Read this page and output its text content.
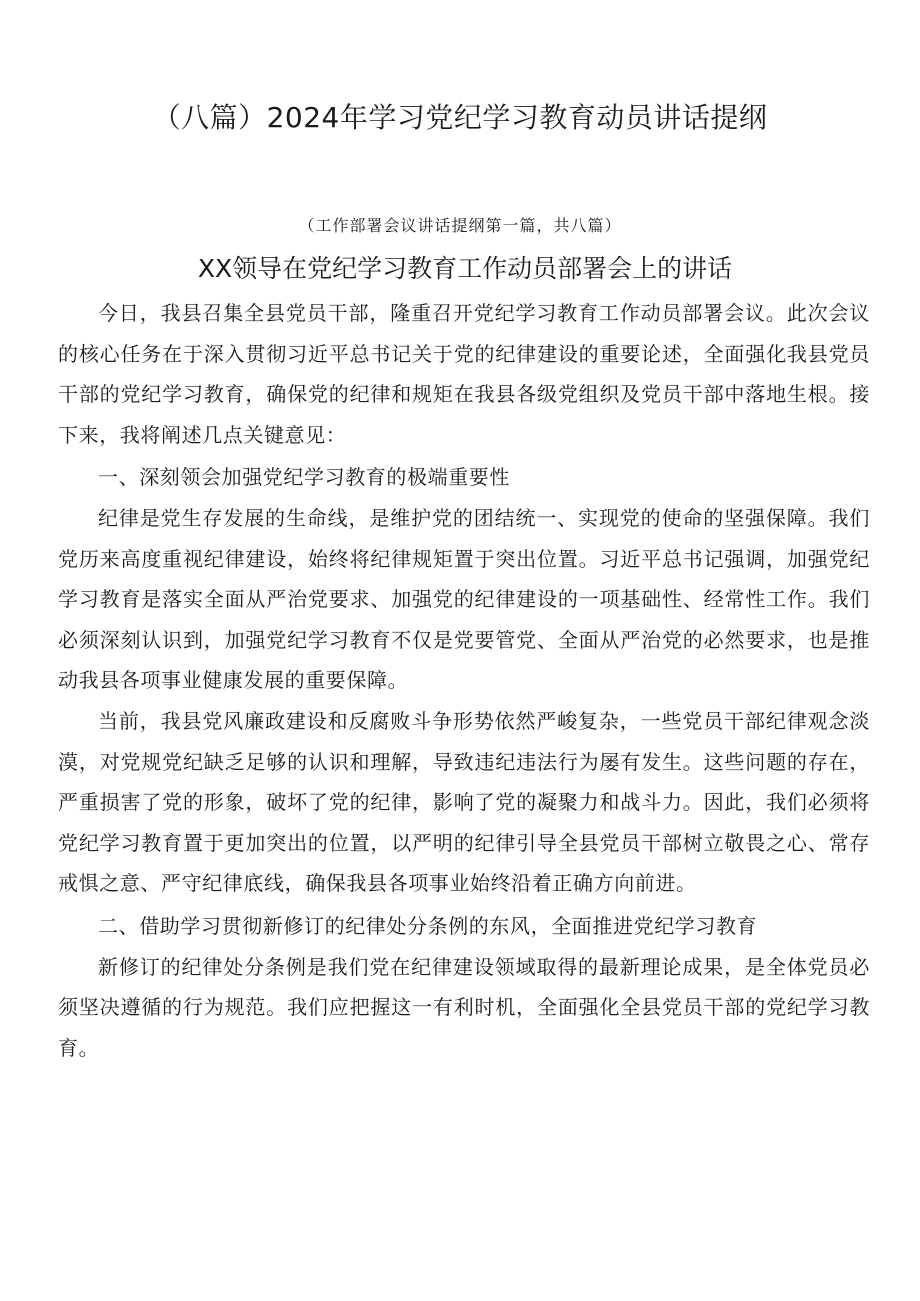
（八篇）2024年学习党纪学习教育动员讲话提纲
（工作部署会议讲话提纲第一篇，共八篇）
XX领导在党纪学习教育工作动员部署会上的讲话

今日，我县召集全县党员干部，隆重召开党纪学习教育工作动员部署会议。此次会议的核心任务在于深入贯彻习近平总书记关于党的纪律建设的重要论述，全面强化我县党员干部的党纪学习教育，确保党的纪律和规矩在我县各级党组织及党员干部中落地生根。接下来，我将阐述几点关键意见：

一、深刻领会加强党纪学习教育的极端重要性

纪律是党生存发展的生命线，是维护党的团结统一、实现党的使命的坚强保障。我们党历来高度重视纪律建设，始终将纪律规矩置于突出位置。习近平总书记强调，加强党纪学习教育是落实全面从严治党要求、加强党的纪律建设的一项基础性、经常性工作。我们必须深刻认识到，加强党纪学习教育不仅是党要管党、全面从严治党的必然要求，也是推动我县各项事业健康发展的重要保障。

当前，我县党风廉政建设和反腐败斗争形势依然严峻复杂，一些党员干部纪律观念淡漠，对党规党纪缺乏足够的认识和理解，导致违纪违法行为屡有发生。这些问题的存在，严重损害了党的形象，破坏了党的纪律，影响了党的凝聚力和战斗力。因此，我们必须将党纪学习教育置于更加突出的位置，以严明的纪律引导全县党员干部树立敬畏之心、常存戒惧之意、严守纪律底线，确保我县各项事业始终沿着正确方向前进。

二、借助学习贯彻新修订的纪律处分条例的东风，全面推进党纪学习教育

新修订的纪律处分条例是我们党在纪律建设领域取得的最新理论成果，是全体党员必须坚决遵循的行为规范。我们应把握这一有利时机，全面强化全县党员干部的党纪学习教育。
